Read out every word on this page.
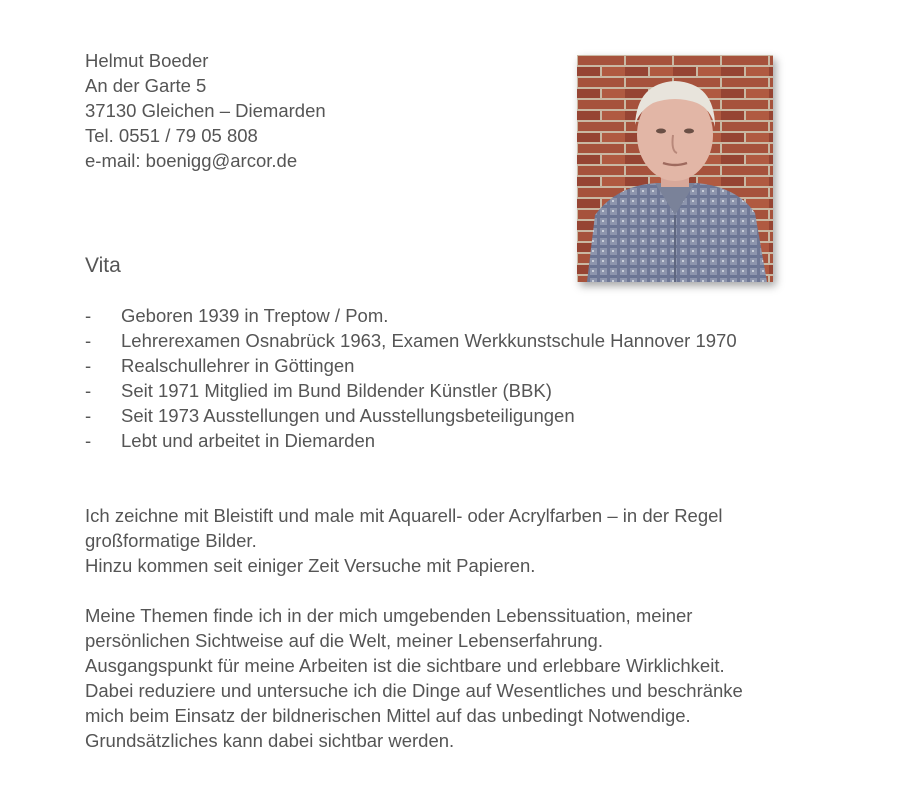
Helmut Boeder
An der Garte 5
37130 Gleichen – Diemarden
Tel. 0551 / 79 05 808
e-mail: boenigg@arcor.de
Vita
- Geboren 1939 in Treptow / Pom.
- Lehrerexamen Osnabrück 1963, Examen Werkkunstschule Hannover 1970
- Realschullehrer in Göttingen
- Seit 1971 Mitglied im Bund Bildender Künstler (BBK)
- Seit 1973 Ausstellungen und Ausstellungsbeteiligungen
- Lebt und arbeitet in Diemarden
Ich zeichne mit Bleistift und male mit Aquarell- oder Acrylfarben – in der Regel
großformatige Bilder.
Hinzu kommen seit einiger Zeit Versuche mit Papieren.
Meine Themen finde ich in der mich umgebenden Lebenssituation, meiner
persönlichen Sichtweise auf die Welt, meiner Lebenserfahrung.
Ausgangspunkt für meine Arbeiten ist die sichtbare und erlebbare Wirklichkeit.
Dabei reduziere und untersuche ich die Dinge auf Wesentliches und beschränke
mich beim Einsatz der bildnerischen Mittel auf das unbedingt Notwendige.
Grundsätzliches kann dabei sichtbar werden.
